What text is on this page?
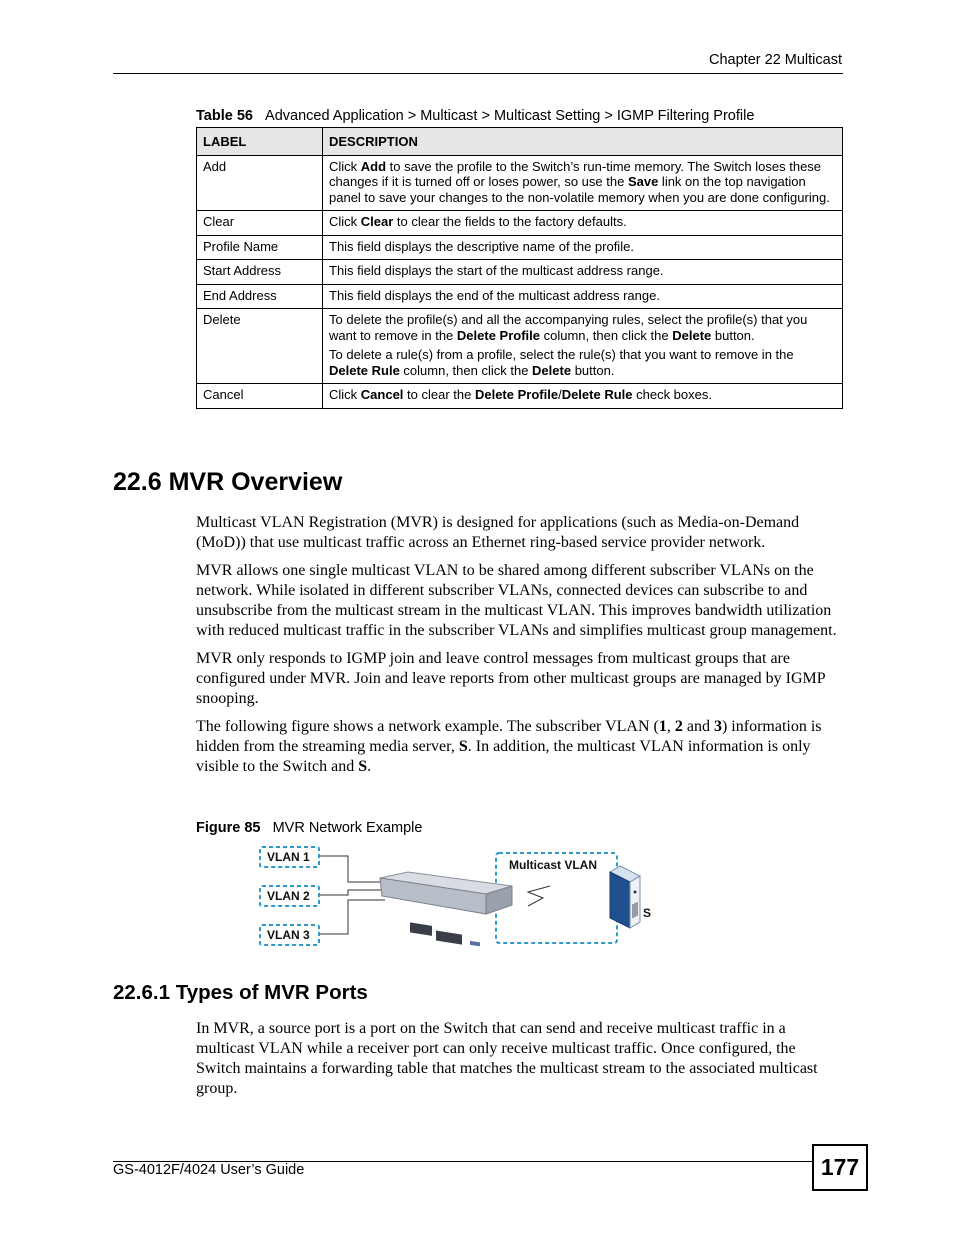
Chapter 22 Multicast
Table 56 Advanced Application > Multicast > Multicast Setting > IGMP Filtering Profile
LABEL	DESCRIPTION
Add	Click Add to save the profile to the Switch’s run-time memory. The Switch loses these changes if it is turned off or loses power, so use the Save link on the top navigation panel to save your changes to the non-volatile memory when you are done configuring.

Clear	Click Clear to clear the fields to the factory defaults.

Profile Name	This field displays the descriptive name of the profile.

Start Address	This field displays the start of the multicast address range.

End Address	This field displays the end of the multicast address range.

Delete	To delete the profile(s) and all the accompanying rules, select the profile(s) that you want to remove in the Delete Profile column, then click the Delete button.

To delete a rule(s) from a profile, select the rule(s) that you want to remove in the Delete Rule column, then click the Delete button.

Cancel	Click Cancel to clear the Delete Profile/Delete Rule check boxes.

22.6 MVR Overview

Multicast VLAN Registration (MVR) is designed for applications (such as Media-on-Demand (MoD)) that use multicast traffic across an Ethernet ring-based service provider network.

MVR allows one single multicast VLAN to be shared among different subscriber VLANs on the network. While isolated in different subscriber VLANs, connected devices can subscribe to and unsubscribe from the multicast stream in the multicast VLAN. This improves bandwidth utilization with reduced multicast traffic in the subscriber VLANs and simplifies multicast group management.

MVR only responds to IGMP join and leave control messages from multicast groups that are configured under MVR. Join and leave reports from other multicast groups are managed by IGMP snooping.

The following figure shows a network example. The subscriber VLAN (1, 2 and 3) information is hidden from the streaming media server, S. In addition, the multicast VLAN information is only visible to the Switch and S.

Figure 85 MVR Network Example
VLAN 1
VLAN 2
VLAN 3
Multicast VLAN
S
22.6.1 Types of MVR Ports

In MVR, a source port is a port on the Switch that can send and receive multicast traffic in a multicast VLAN while a receiver port can only receive multicast traffic. Once configured, the Switch maintains a forwarding table that matches the multicast stream to the associated multicast group.

GS-4012F/4024 User’s Guide	177
